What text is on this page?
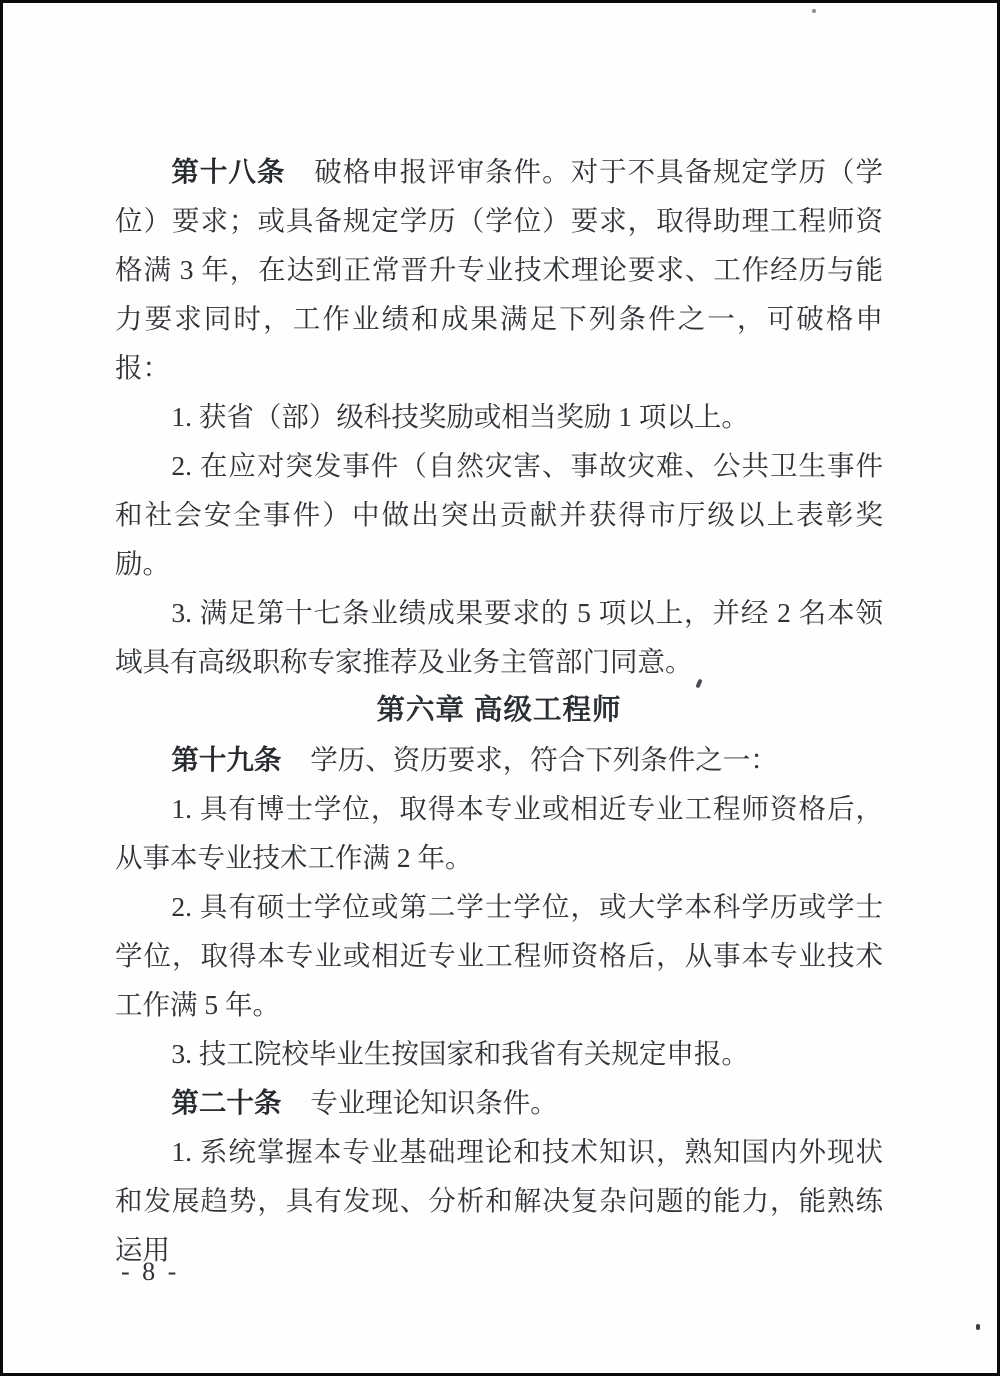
第十八条 破格申报评审条件。对于不具备规定学历（学位）要求；或具备规定学历（学位）要求，取得助理工程师资格满 3 年，在达到正常晋升专业技术理论要求、工作经历与能力要求同时，工作业绩和成果满足下列条件之一，可破格申报：

1. 获省（部）级科技奖励或相当奖励 1 项以上。

2. 在应对突发事件（自然灾害、事故灾难、公共卫生事件和社会安全事件）中做出突出贡献并获得市厅级以上表彰奖励。

3. 满足第十七条业绩成果要求的 5 项以上，并经 2 名本领域具有高级职称专家推荐及业务主管部门同意。

第六章 高级工程师

第十九条 学历、资历要求，符合下列条件之一：

1. 具有博士学位，取得本专业或相近专业工程师资格后，从事本专业技术工作满 2 年。

2. 具有硕士学位或第二学士学位，或大学本科学历或学士学位，取得本专业或相近专业工程师资格后，从事本专业技术工作满 5 年。

3. 技工院校毕业生按国家和我省有关规定申报。

第二十条 专业理论知识条件。

1. 系统掌握本专业基础理论和技术知识，熟知国内外现状和发展趋势，具有发现、分析和解决复杂问题的能力，能熟练运用

- 8 -
